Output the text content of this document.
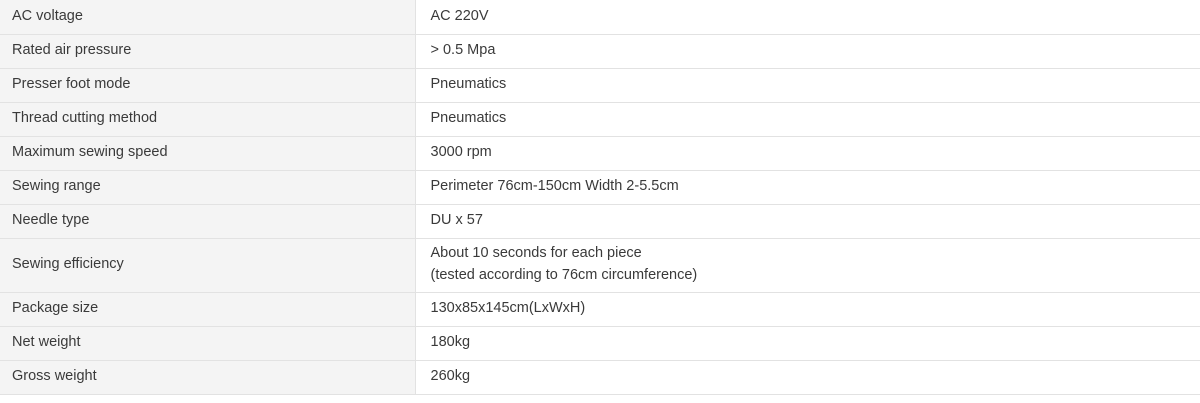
AC voltage	AC 220V
Rated air pressure	> 0.5 Mpa
Presser foot mode	Pneumatics
Thread cutting method	Pneumatics
Maximum sewing speed	3000 rpm
Sewing range	Perimeter 76cm-150cm Width 2-5.5cm
Needle type	DU x 57
Sewing efficiency	About 10 seconds for each piece
(tested according to 76cm circumference)

Package size	130x85x145cm(LxWxH)
Net weight	180kg
Gross weight	260kg
